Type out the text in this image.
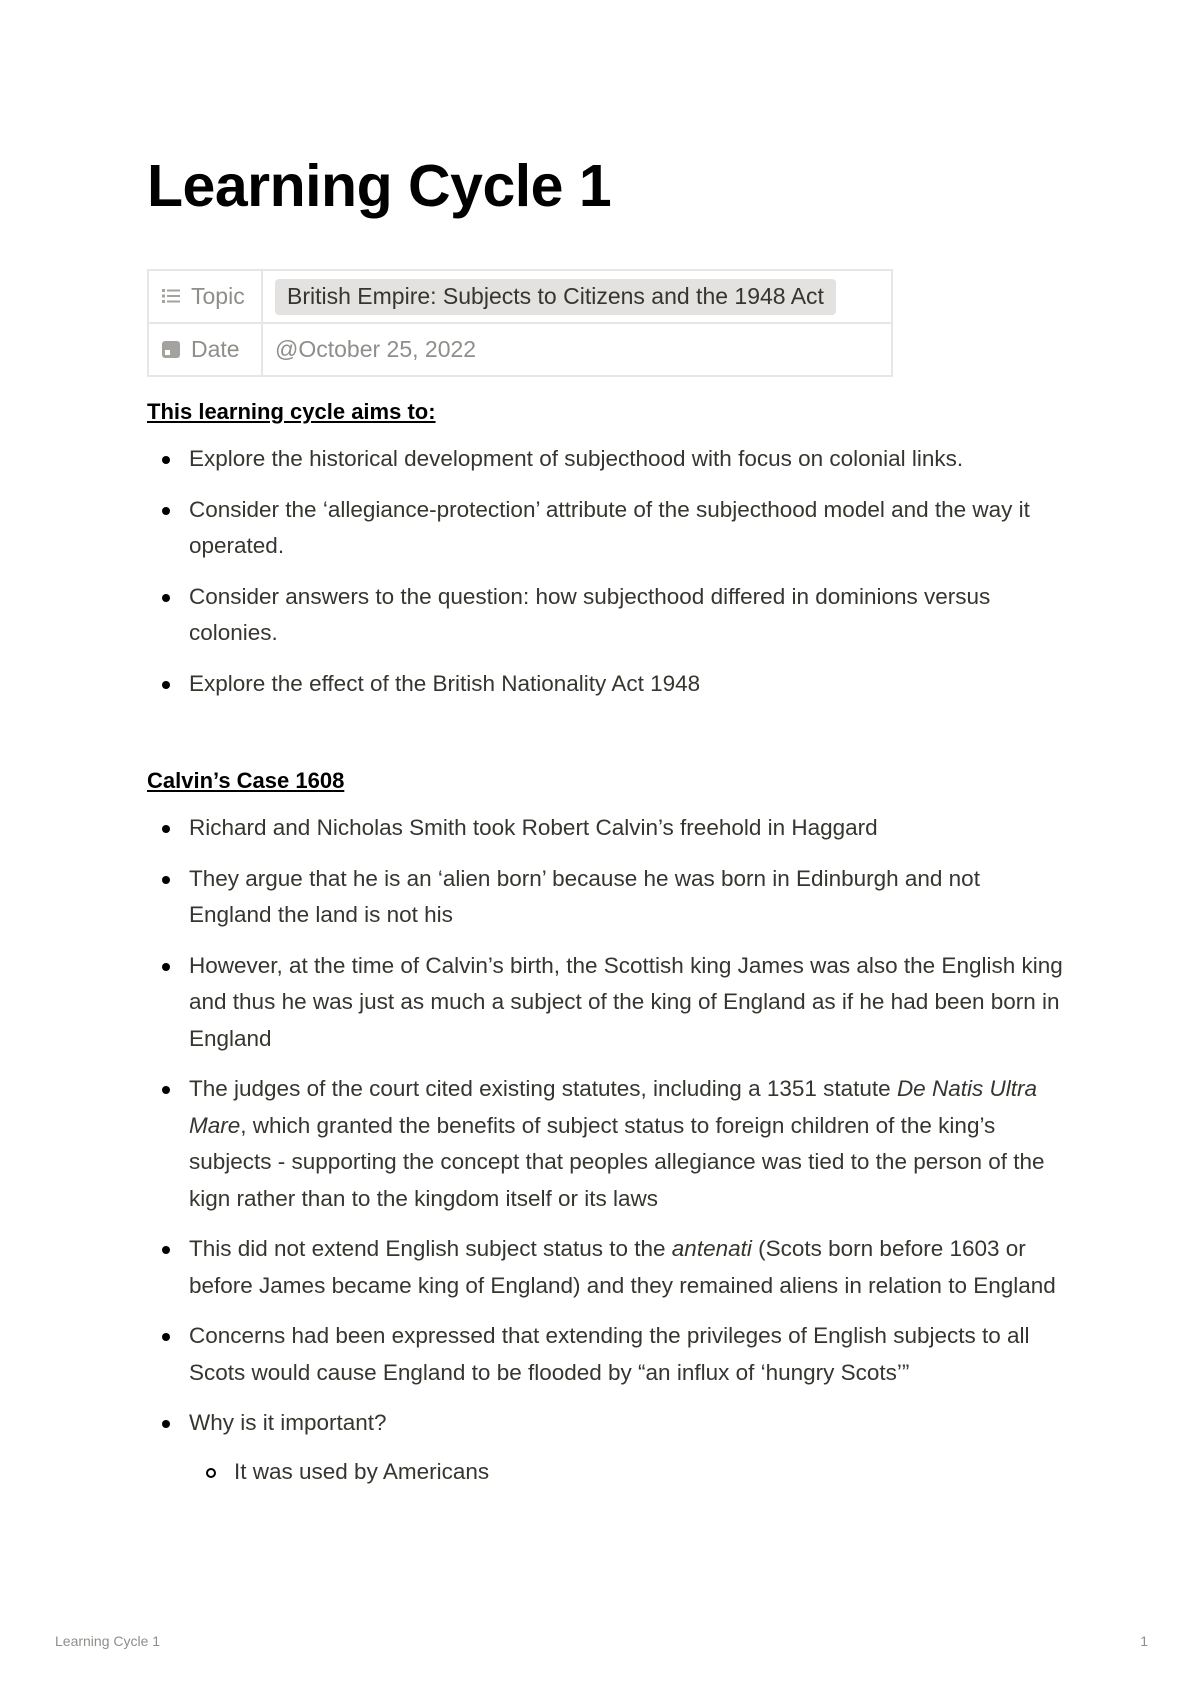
Learning Cycle 1
Topic	British Empire: Subjects to Citizens and the 1948 Act
Date	@October 25, 2022

This learning cycle aims to:

Explore the historical development of subjecthood with focus on colonial links.
Consider the ‘allegiance-protection’ attribute of the subjecthood model and the way it operated.
Consider answers to the question: how subjecthood differed in dominions versus colonies.
Explore the effect of the British Nationality Act 1948

Calvin’s Case 1608

Richard and Nicholas Smith took Robert Calvin’s freehold in Haggard
They argue that he is an ‘alien born’ because he was born in Edinburgh and not England the land is not his
However, at the time of Calvin’s birth, the Scottish king James was also the English king and thus he was just as much a subject of the king of England as if he had been born in England
The judges of the court cited existing statutes, including a 1351 statute De Natis Ultra Mare, which granted the benefits of subject status to foreign children of the king’s subjects - supporting the concept that peoples allegiance was tied to the person of the kign rather than to the kingdom itself or its laws
This did not extend English subject status to the antenati (Scots born before 1603 or before James became king of England) and they remained aliens in relation to England
Concerns had been expressed that extending the privileges of English subjects to all Scots would cause England to be flooded by “an influx of ‘hungry Scots’”
Why is it important?
It was used by Americans
Learning Cycle 1	1
